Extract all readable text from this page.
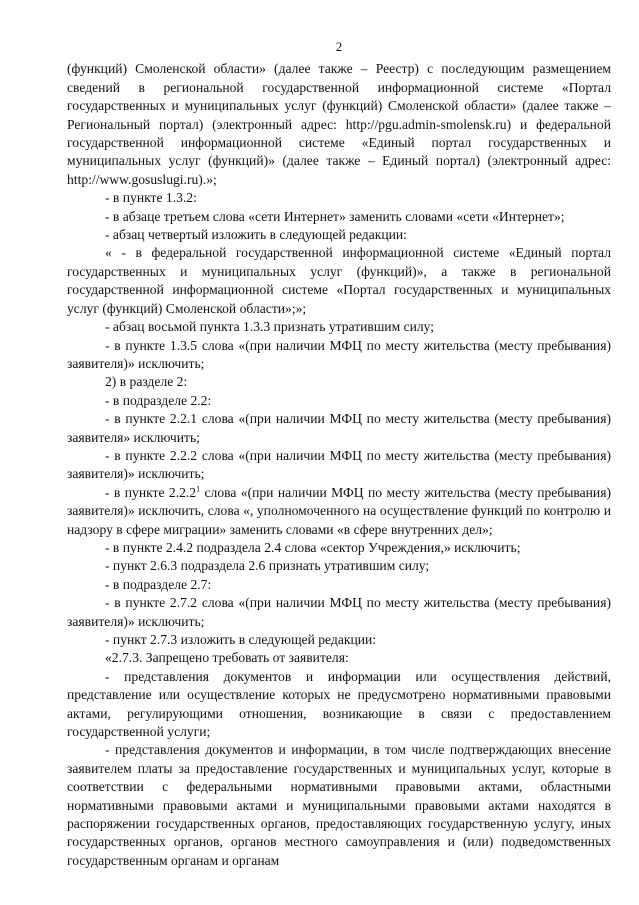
2

(функций) Смоленской области» (далее также – Реестр) с последующим размещением сведений в региональной государственной информационной системе «Портал государственных и муниципальных услуг (функций) Смоленской области» (далее также – Региональный портал) (электронный адрес: http://pgu.admin-smolensk.ru) и федеральной государственной информационной системе «Единый портал государственных и муниципальных услуг (функций)» (далее также – Единый портал) (электронный адрес: http://www.gosuslugi.ru).»;

- в пункте 1.3.2:

- в абзаце третьем слова «сети Интернет» заменить словами «сети «Интернет»;

- абзац четвертый изложить в следующей редакции:

« - в федеральной государственной информационной системе «Единый портал государственных и муниципальных услуг (функций)», а также в региональной государственной информационной системе «Портал государственных и муниципальных услуг (функций) Смоленской области»;»;

- абзац восьмой пункта 1.3.3 признать утратившим силу;

- в пункте 1.3.5 слова «(при наличии МФЦ по месту жительства (месту пребывания) заявителя)» исключить;

2) в разделе 2:

- в подразделе 2.2:

- в пункте 2.2.1 слова «(при наличии МФЦ по месту жительства (месту пребывания) заявителя» исключить;

- в пункте 2.2.2 слова «(при наличии МФЦ по месту жительства (месту пребывания) заявителя)» исключить;

- в пункте 2.2.2$^1$ слова «(при наличии МФЦ по месту жительства (месту пребывания) заявителя)» исключить, слова «, уполномоченного на осуществление функций по контролю и надзору в сфере миграции» заменить словами «в сфере внутренних дел»;

- в пункте 2.4.2 подраздела 2.4 слова «сектор Учреждения,» исключить;

- пункт 2.6.3 подраздела 2.6 признать утратившим силу;

- в подразделе 2.7:

- в пункте 2.7.2 слова «(при наличии МФЦ по месту жительства (месту пребывания) заявителя)» исключить;

- пункт 2.7.3 изложить в следующей редакции:

«2.7.3. Запрещено требовать от заявителя:

- представления документов и информации или осуществления действий, представление или осуществление которых не предусмотрено нормативными правовыми актами, регулирующими отношения, возникающие в связи с предоставлением государственной услуги;

- представления документов и информации, в том числе подтверждающих внесение заявителем платы за предоставление государственных и муниципальных услуг, которые в соответствии с федеральными нормативными правовыми актами, областными нормативными правовыми актами и муниципальными правовыми актами находятся в распоряжении государственных органов, предоставляющих государственную услугу, иных государственных органов, органов местного самоуправления и (или) подведомственных государственным органам и органам
